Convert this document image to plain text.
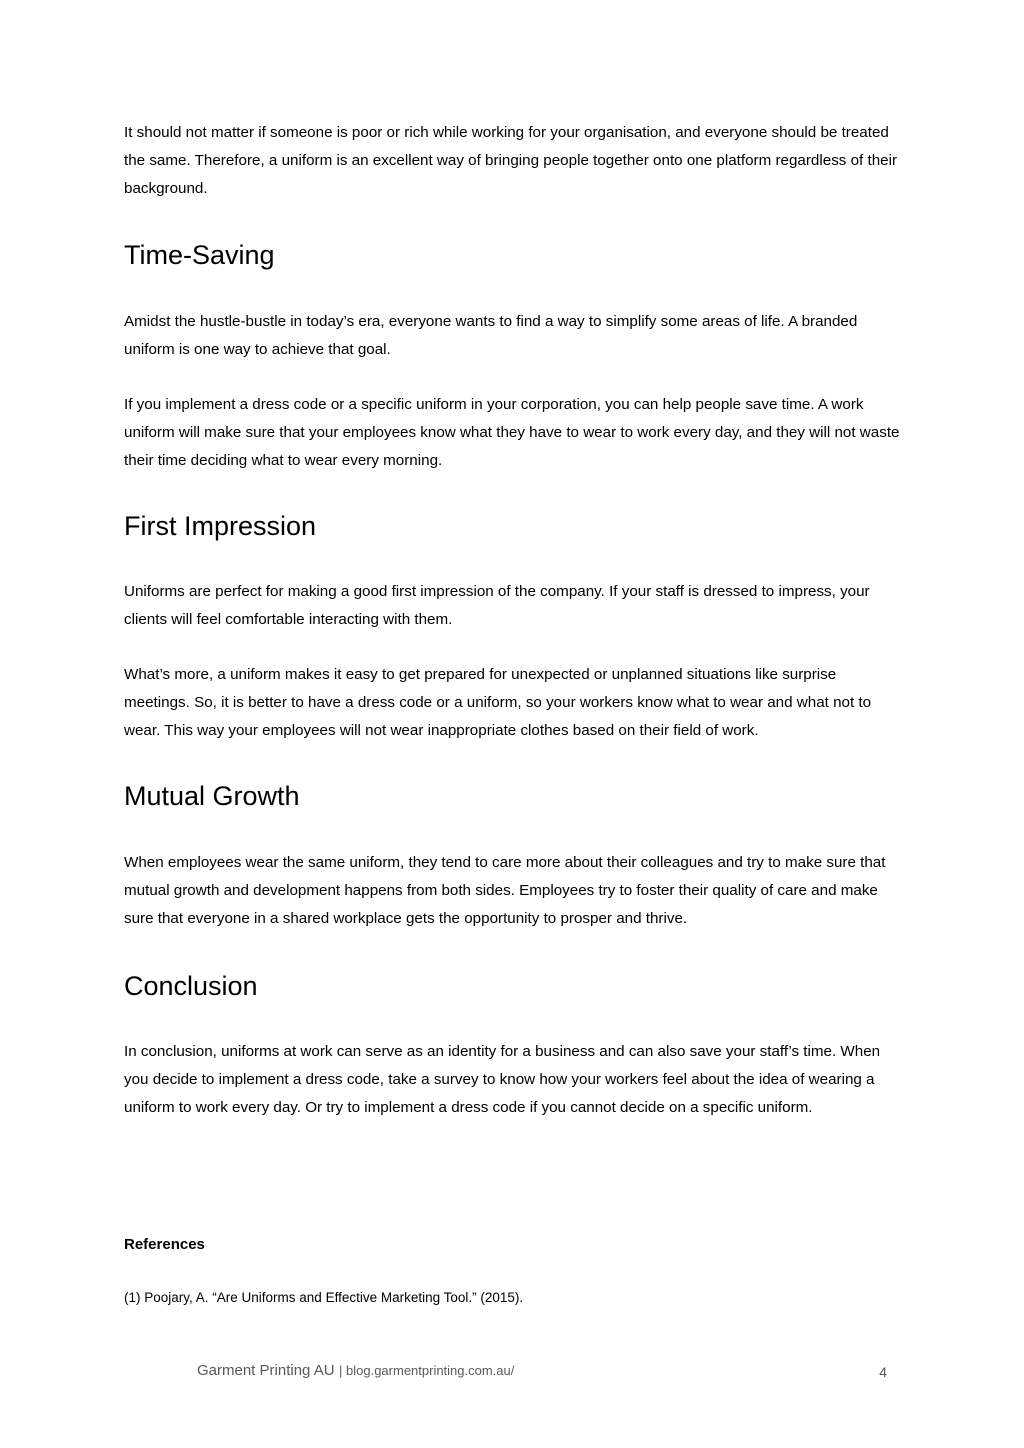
It should not matter if someone is poor or rich while working for your organisation, and everyone should be treated the same. Therefore, a uniform is an excellent way of bringing people together onto one platform regardless of their background.

Time-Saving

Amidst the hustle-bustle in today’s era, everyone wants to find a way to simplify some areas of life. A branded uniform is one way to achieve that goal.

If you implement a dress code or a specific uniform in your corporation, you can help people save time. A work uniform will make sure that your employees know what they have to wear to work every day, and they will not waste their time deciding what to wear every morning.

First Impression

Uniforms are perfect for making a good first impression of the company. If your staff is dressed to impress, your clients will feel comfortable interacting with them.

What’s more, a uniform makes it easy to get prepared for unexpected or unplanned situations like surprise meetings. So, it is better to have a dress code or a uniform, so your workers know what to wear and what not to wear. This way your employees will not wear inappropriate clothes based on their field of work.

Mutual Growth

When employees wear the same uniform, they tend to care more about their colleagues and try to make sure that mutual growth and development happens from both sides. Employees try to foster their quality of care and make sure that everyone in a shared workplace gets the opportunity to prosper and thrive.

Conclusion

In conclusion, uniforms at work can serve as an identity for a business and can also save your staff’s time. When you decide to implement a dress code, take a survey to know how your workers feel about the idea of wearing a uniform to work every day. Or try to implement a dress code if you cannot decide on a specific uniform.

References

(1) Poojary, A. “Are Uniforms and Effective Marketing Tool.” (2015).

Garment Printing AU | blog.garmentprinting.com.au/	4
